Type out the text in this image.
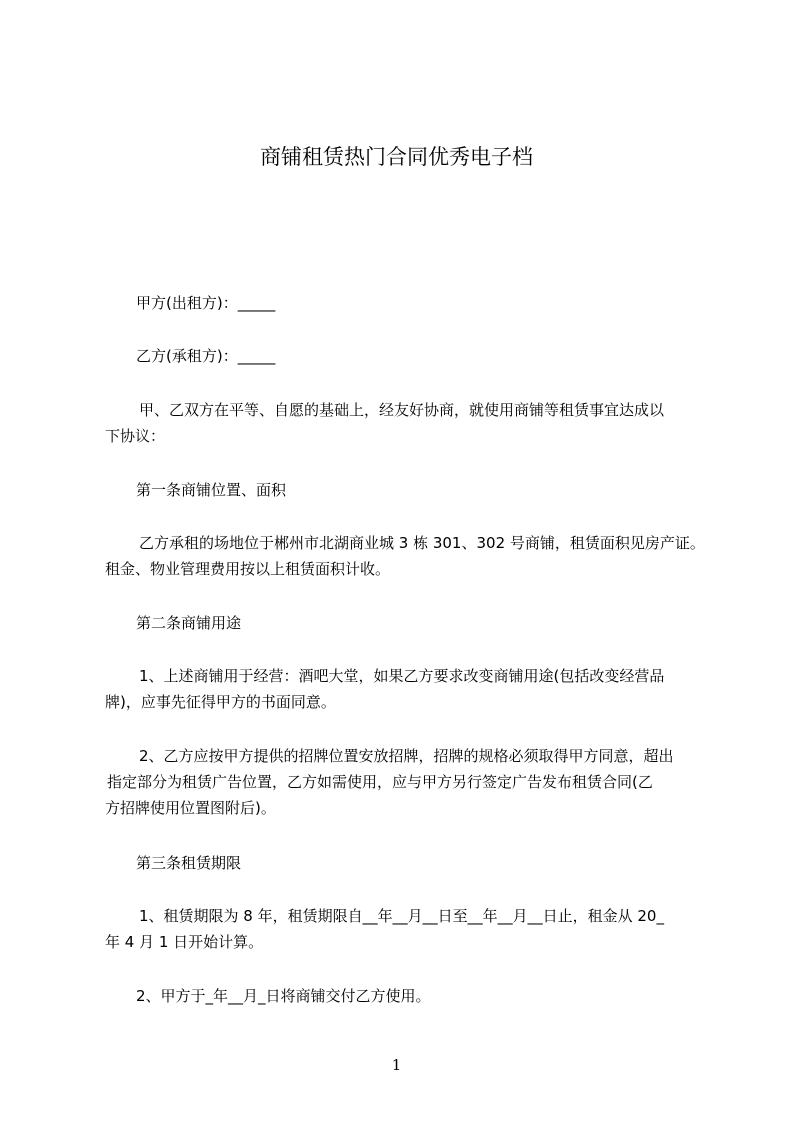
商铺租赁热门合同优秀电子档
甲方(出租方)：_____
乙方(承租方)：_____
甲、乙双方在平等、自愿的基础上，经友好协商，就使用商铺等租赁事宜达成以
下协议：
第一条商铺位置、面积
乙方承租的场地位于郴州市北湖商业城 3 栋 301、302 号商铺，租赁面积见房产证。
租金、物业管理费用按以上租赁面积计收。
第二条商铺用途
1、上述商铺用于经营：酒吧大堂，如果乙方要求改变商铺用途(包括改变经营品
牌)，应事先征得甲方的书面同意。
2、乙方应按甲方提供的招牌位置安放招牌，招牌的规格必须取得甲方同意，超出
指定部分为租赁广告位置，乙方如需使用，应与甲方另行签定广告发布租赁合同(乙
方招牌使用位置图附后)。
第三条租赁期限
1、租赁期限为 8 年，租赁期限自__年__月__日至__年__月__日止，租金从 20_
年 4 月 1 日开始计算。
2、甲方于_年__月_日将商铺交付乙方使用。
1
